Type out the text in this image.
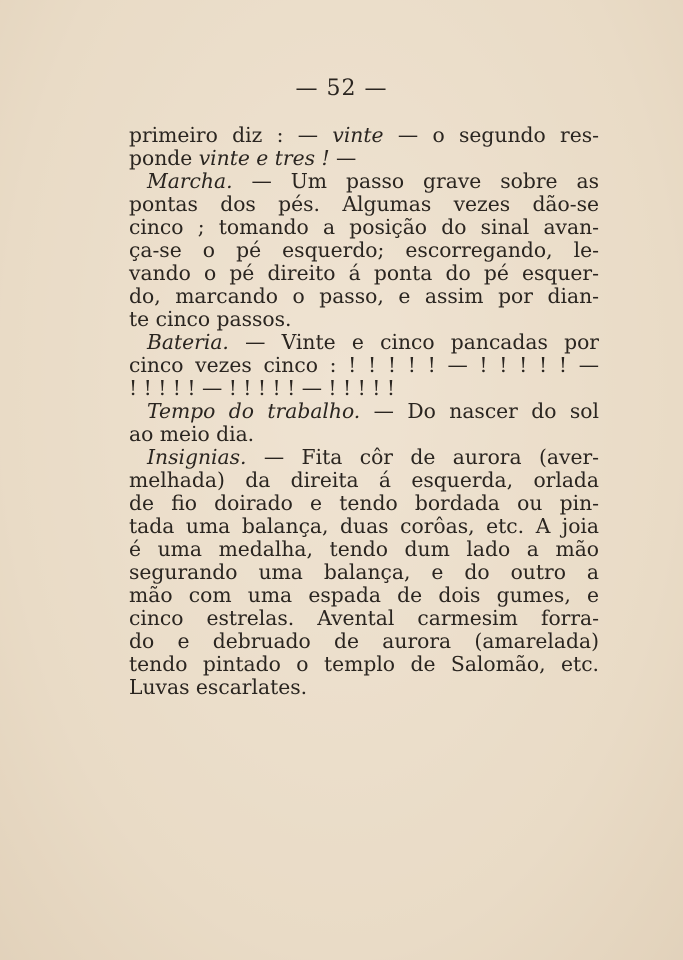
— 52 —
primeiro diz : — vinte — o segundo res-
ponde vinte e tres ! —
Marcha. — Um passo grave sobre as
pontas dos pés. Algumas vezes dão-se
cinco ; tomando a posição do sinal avan-
ça-se o pé esquerdo; escorregando, le-
vando o pé direito á ponta do pé esquer-
do, marcando o passo, e assim por dian-
te cinco passos.
Bateria. — Vinte e cinco pancadas por
cinco vezes cinco : ! ! ! ! ! — ! ! ! ! ! —
! ! ! ! ! — ! ! ! ! ! — ! ! ! ! !
Tempo do trabalho. — Do nascer do sol
ao meio dia.
Insignias. — Fita côr de aurora (aver-
melhada) da direita á esquerda, orlada
de fio doirado e tendo bordada ou pin-
tada uma balança, duas corôas, etc. A joia
é uma medalha, tendo dum lado a mão
segurando uma balança, e do outro a
mão com uma espada de dois gumes, e
cinco estrelas. Avental carmesim forra-
do e debruado de aurora (amarelada)
tendo pintado o templo de Salomão, etc.
Luvas escarlates.
